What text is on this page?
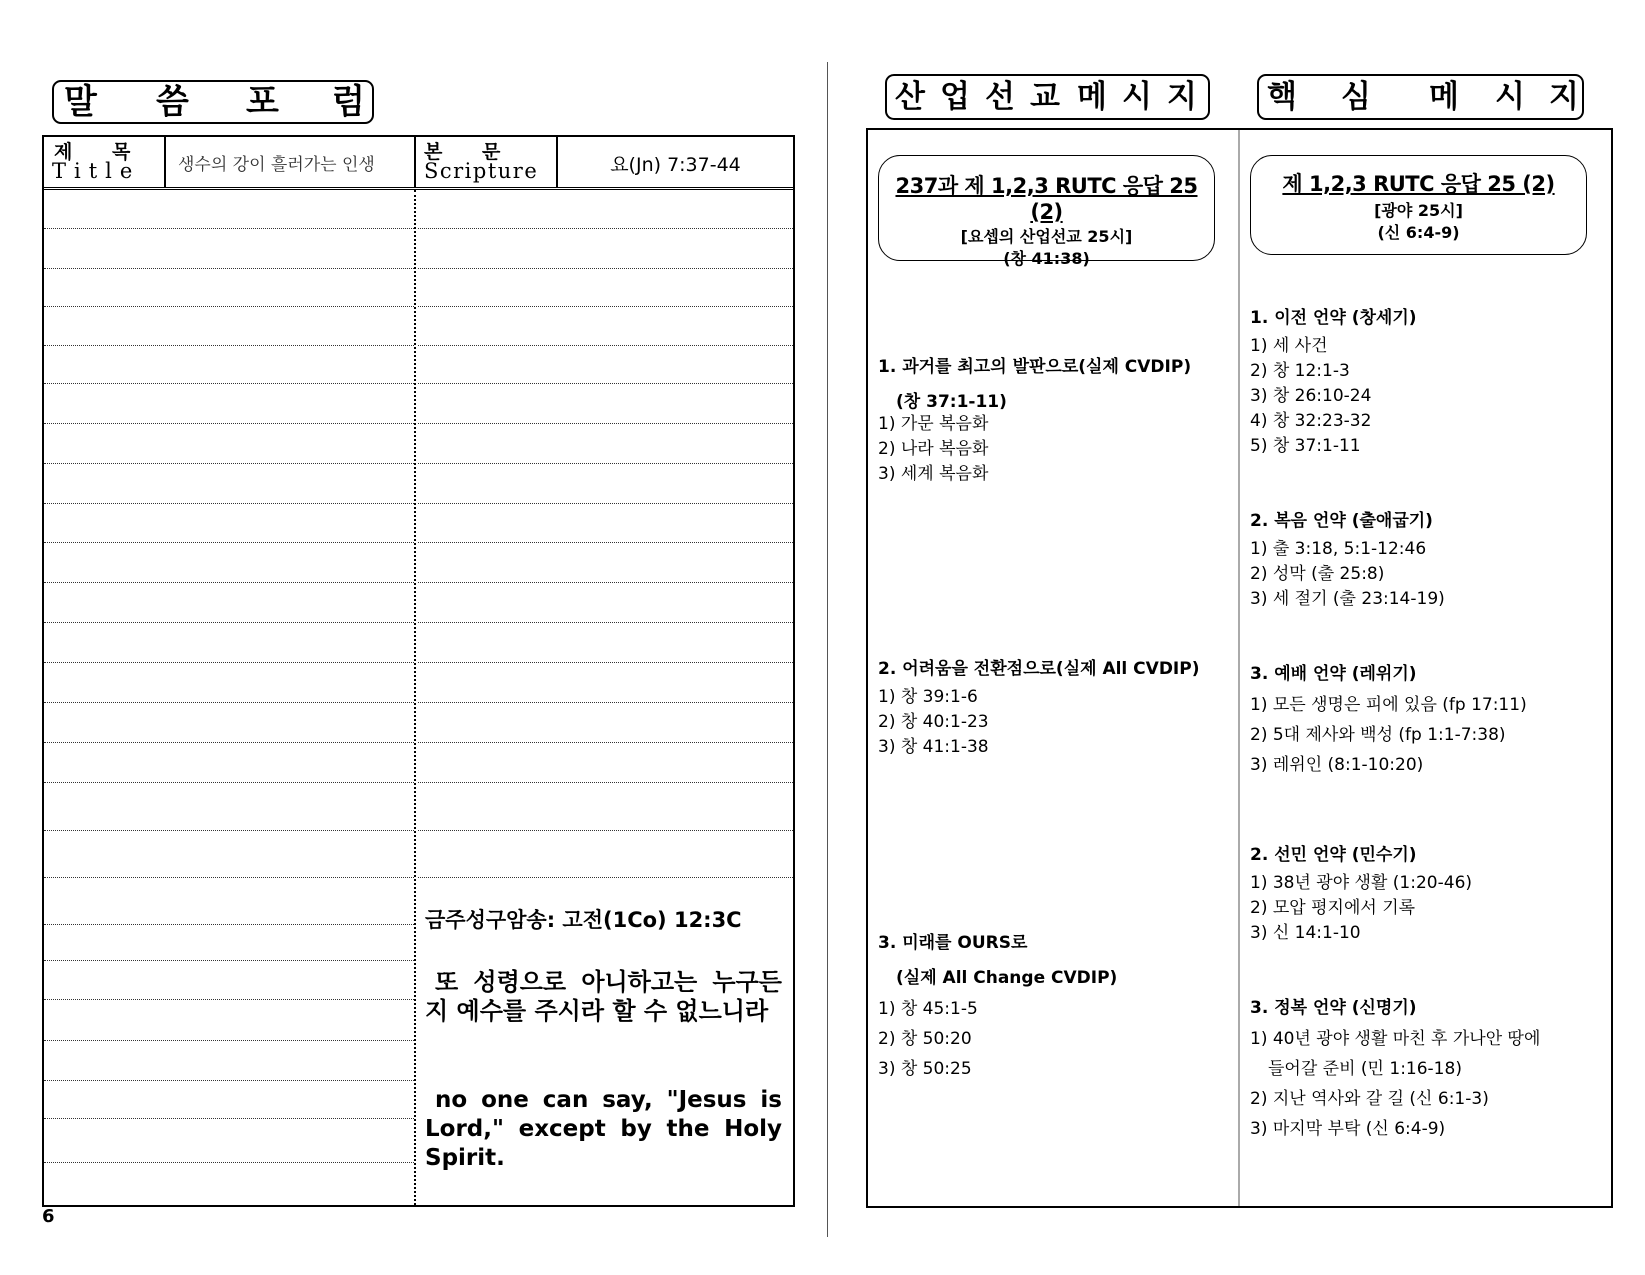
말 씀 포 럼
제      목
Title 생수의 강이 흘러가는 인생
본      문
Scripture	요(Jn) 7:37-44
금주성구암송: 고전(1Co) 12:3C
또 성령으로 아니하고는 누구든지 예수를 주시라 할 수 없느니라
no one can say, "Jesus is Lord," except by the Holy Spirit.
6
산 업 선 교 메 시 지 핵 심 메 시 지
237과 제 1,2,3 RUTC 응답 25 (2)
[요셉의 산업선교 25시]
(창 41:38)
1. 과거를 최고의 발판으로(실제 CVDIP)
(창 37:1-11)
1) 가문 복음화
2) 나라 복음화
3) 세계 복음화
2. 어려움을 전환점으로(실제 All CVDIP)
1) 창 39:1-6
2) 창 40:1-23
3) 창 41:1-38
3. 미래를 OURS로
(실제 All Change CVDIP)
1) 창 45:1-5
2) 창 50:20
3) 창 50:25
제 1,2,3 RUTC 응답 25 (2)
[광야 25시]
(신 6:4-9)
1. 이전 언약 (창세기)
1) 세 사건
2) 창 12:1-3
3) 창 26:10-24
4) 창 32:23-32
5) 창 37:1-11
2. 복음 언약 (출애굽기)
1) 출 3:18, 5:1-12:46
2) 성막 (출 25:8)
3) 세 절기 (출 23:14-19)
3. 예배 언약 (레위기)
1) 모든 생명은 피에 있음 (fp 17:11)
2) 5대 제사와 백성 (fp 1:1-7:38)
3) 레위인 (8:1-10:20)
2. 선민 언약 (민수기)
1) 38년 광야 생활 (1:20-46)
2) 모압 평지에서 기록
3) 신 14:1-10
3. 정복 언약 (신명기)
1) 40년 광야 생활 마친 후 가나안 땅에
들어갈 준비 (민 1:16-18)
2) 지난 역사와 갈 길 (신 6:1-3)
3) 마지막 부탁 (신 6:4-9)
